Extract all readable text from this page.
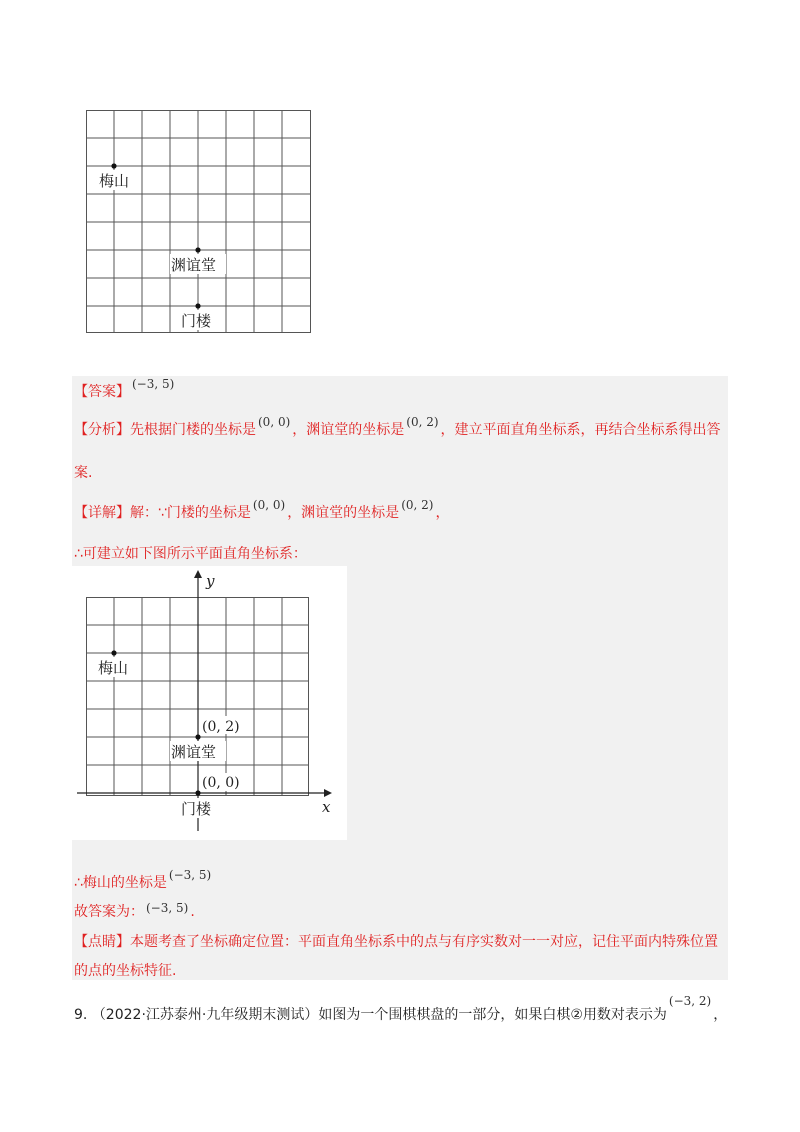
梅山
渊谊堂
门楼
【答案】 (−3, 5)
【分析】先根据门楼的坐标是 (0, 0) ，渊谊堂的坐标是 (0, 2) ，建立平面直角坐标系，再结合坐标系得出答
案.
【详解】解：∵门楼的坐标是 (0, 0) ，渊谊堂的坐标是 (0, 2) ，
∴可建立如下图所示平面直角坐标系：
x
y
梅山
(0, 2)
渊谊堂
(0, 0)
门楼
∴梅山的坐标是 (−3, 5)
故答案为： (−3, 5) .
【点睛】本题考查了坐标确定位置：平面直角坐标系中的点与有序实数对一一对应，记住平面内特殊位置
的点的坐标特征.
9. （2022·江苏泰州·九年级期末测试）如图为一个围棋棋盘的一部分，如果白棋②用数对表示为(−3, 2)，
